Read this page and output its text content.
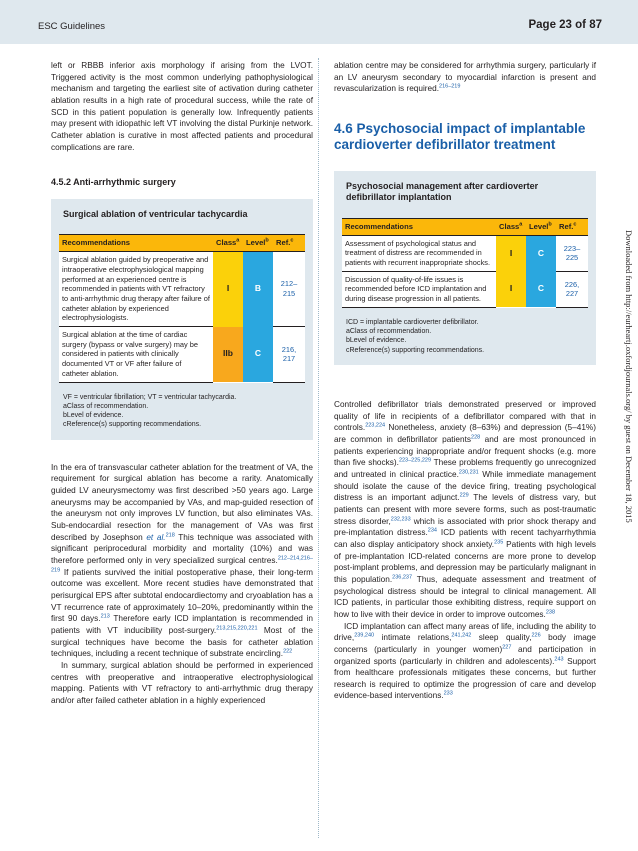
ESC Guidelines	Page 23 of 87

left or RBBB inferior axis morphology if arising from the LVOT. Triggered activity is the most common underlying pathophysiological mechanism and targeting the earliest site of activation during catheter ablation results in a high rate of procedural success, while the rate of SCD in this patient population is generally low. Infrequently patients may present with idiopathic left VT involving the distal Purkinje network. Catheter ablation is curative in most affected patients and procedural complications are rare.

4.5.2 Anti-arrhythmic surgery
Surgical ablation of ventricular tachycardia
Recommendations	Class$^a$	Level$^b$	Ref.$^c$
Surgical ablation guided by preoperative and intraoperative electrophysiological mapping performed at an experienced centre is recommended in patients with VT refractory to anti-arrhythmic drug therapy after failure of catheter ablation by experienced electrophysiologists.	I	B	212–215
Surgical ablation at the time of cardiac surgery (bypass or valve surgery) may be considered in patients with clinically documented VT or VF after failure of catheter ablation.	IIb	C	216, 217
VF = ventricular fibrillation; VT = ventricular tachycardia.
aClass of recommendation.
bLevel of evidence.
cReference(s) supporting recommendations.

In the era of transvascular catheter ablation for the treatment of VA, the requirement for surgical ablation has become a rarity. Anatomically guided LV aneurysmectomy was first described >50 years ago. Large aneurysms may be accompanied by VAs, and map-guided resection of the aneurysm not only improves LV function, but also eliminates VAs. Sub-endocardial resection for the management of VAs was first described by Josephson et al.$^{218}$ This technique was associated with significant periprocedural morbidity and mortality (10%) and was therefore performed only in very specialized surgical centres.$^{212-214,216-219}$ If patients survived the initial postoperative phase, their long-term outcome was excellent. More recent studies have demonstrated that perisurgical EPS after subtotal endocardiectomy and cryoablation has a VT recurrence rate of approximately 10–20%, predominantly within the first 90 days.$^{213}$ Therefore early ICD implantation is recommended in patients with VT inducibility post-surgery.$^{213,215,220,221}$ Most of the surgical techniques have become the basis for catheter ablation techniques, including a recent technique of substrate encircling.$^{222}$

In summary, surgical ablation should be performed in experienced centres with preoperative and intraoperative electrophysiological mapping. Patients with VT refractory to anti-arrhythmic drug therapy and/or after failed catheter ablation in a highly experienced

ablation centre may be considered for arrhythmia surgery, particularly if an LV aneurysm secondary to myocardial infarction is present and revascularization is required.$^{216-219}$

4.6 Psychosocial impact of implantable cardioverter defibrillator treatment
Psychosocial management after cardioverter defibrillator implantation
Recommendations	Class$^a$	Level$^b$	Ref.$^c$
Assessment of psychological status and treatment of distress are recommended in patients with recurrent inappropriate shocks.	I	C	223–225
Discussion of quality-of-life issues is recommended before ICD implantation and during disease progression in all patients.	I	C	226, 227
ICD = implantable cardioverter defibrillator.
aClass of recommendation.
bLevel of evidence.
cReference(s) supporting recommendations.

Controlled defibrillator trials demonstrated preserved or improved quality of life in recipients of a defibrillator compared with that in controls.$^{223,224}$ Nonetheless, anxiety (8–63%) and depression (5–41%) are common in defibrillator patients$^{228}$ and are most pronounced in patients experiencing inappropriate and/or frequent shocks (e.g. more than five shocks).$^{223-225,229}$ These problems frequently go unrecognized and untreated in clinical practice.$^{230,231}$ While immediate management should isolate the cause of the device firing, treating psychological distress is an important adjunct.$^{229}$ The levels of distress vary, but patients can present with more severe forms, such as post-traumatic stress disorder,$^{232,233}$ which is associated with prior shock therapy and pre-implantation distress.$^{234}$ ICD patients with recent tachyarrhythmia can also display anticipatory shock anxiety.$^{235}$ Patients with high levels of pre-implantation ICD-related concerns are more prone to develop post-implant problems, and depression may be particularly malignant in this population.$^{236,237}$ Thus, adequate assessment and treatment of psychological distress should be integral to clinical management. All ICD patients, in particular those exhibiting distress, require support on how to live with their device in order to improve outcomes.$^{238}$

ICD implantation can affect many areas of life, including the ability to drive,$^{239,240}$ intimate relations,$^{241,242}$ sleep quality,$^{226}$ body image concerns (particularly in younger women)$^{227}$ and participation in organized sports (particularly in children and adolescents).$^{243}$ Support from healthcare professionals mitigates these concerns, but further research is required to optimize the progression of care and develop evidence-based interventions.$^{233}$

Downloaded from http://eurheartj.oxfordjournals.org/ by guest on December 18, 2015
